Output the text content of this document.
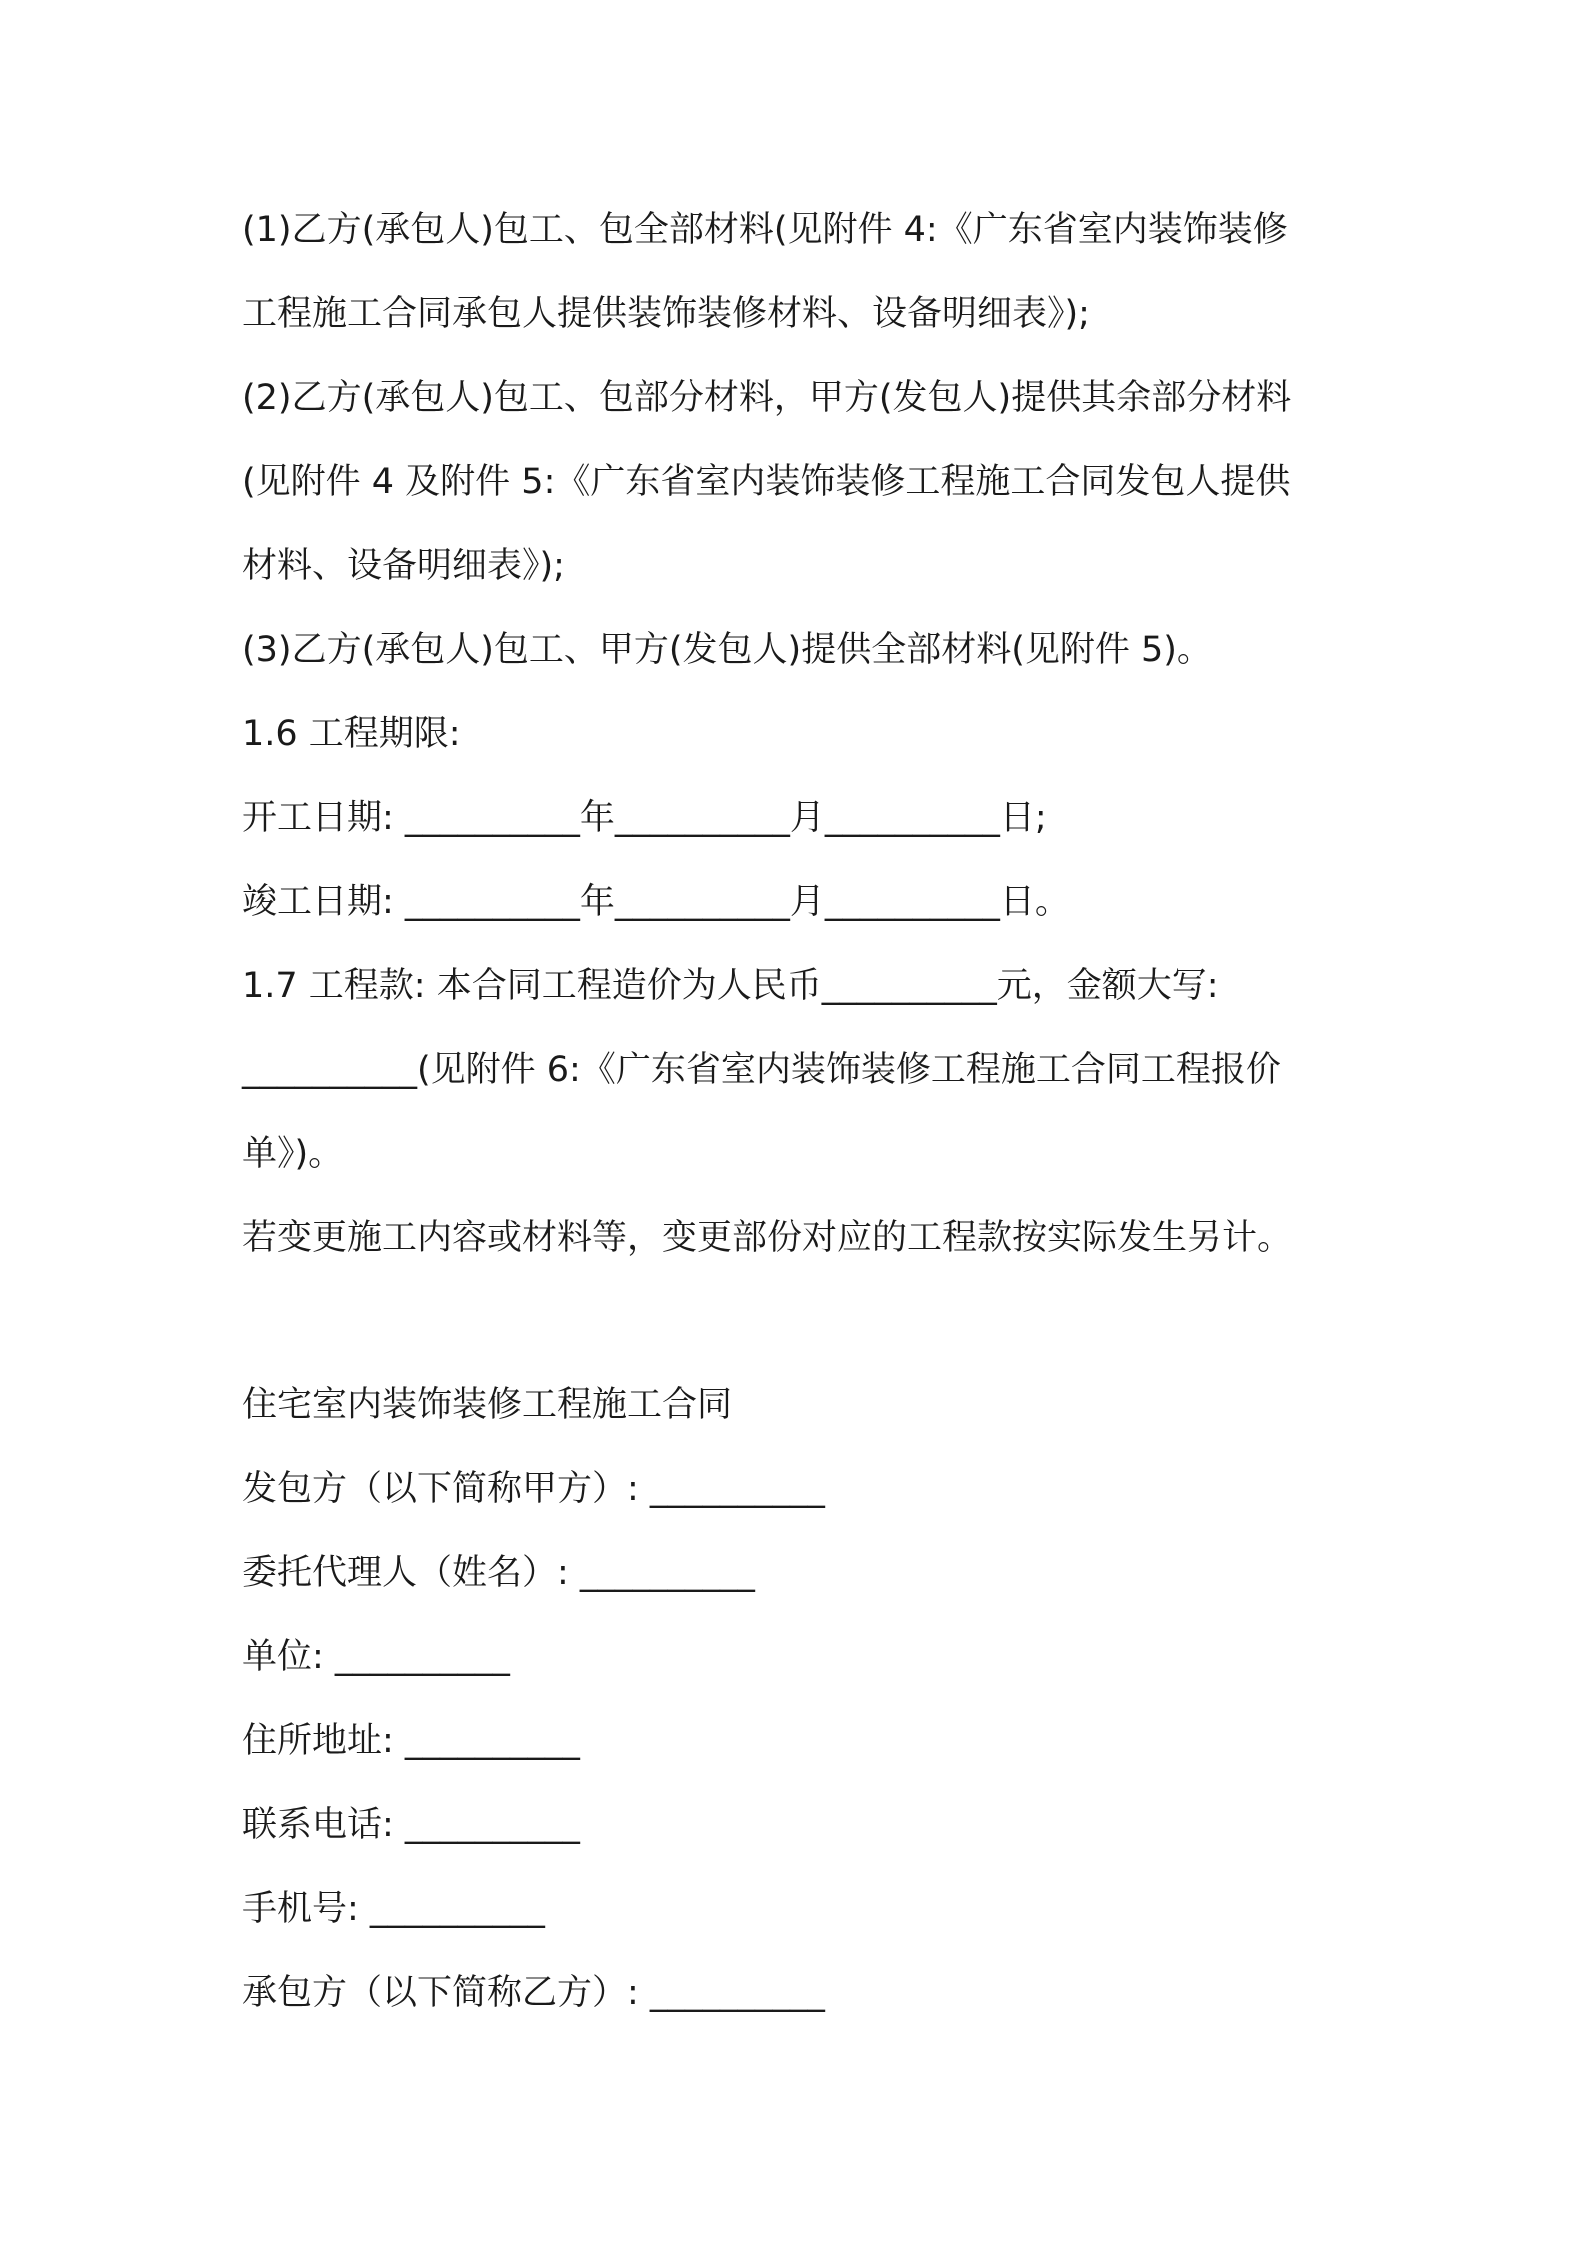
(1)乙方(承包人)包工、包全部材料(见附件 4:《广东省室内装饰装修
工程施工合同承包人提供装饰装修材料、设备明细表》);
(2)乙方(承包人)包工、包部分材料，甲方(发包人)提供其余部分材料
(见附件 4 及附件 5:《广东省室内装饰装修工程施工合同发包人提供
材料、设备明细表》);
(3)乙方(承包人)包工、甲方(发包人)提供全部材料(见附件 5)。
1.6 工程期限:
开工日期: __________年__________月__________日;
竣工日期: __________年__________月__________日。
1.7 工程款: 本合同工程造价为人民币__________元，金额大写:
__________(见附件 6:《广东省室内装饰装修工程施工合同工程报价
单》)。
若变更施工内容或材料等，变更部份对应的工程款按实际发生另计。
住宅室内装饰装修工程施工合同
发包方（以下简称甲方）: __________
委托代理人（姓名）: __________
单位: __________
住所地址: __________
联系电话: __________
手机号: __________
承包方（以下简称乙方）: __________
